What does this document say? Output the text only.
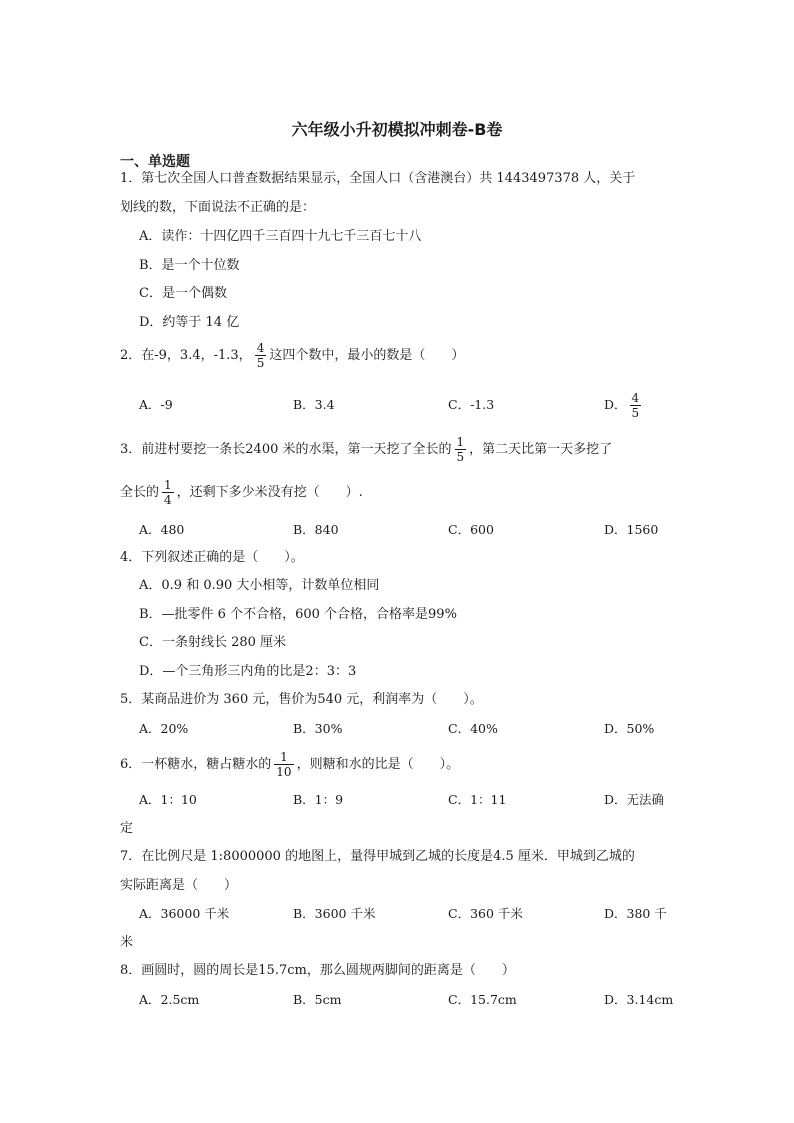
六年级小升初模拟冲刺卷-B卷
一、单选题
1．第七次全国人口普查数据结果显示，全国人口（含港澳台）共 1443497378 人，关于
划线的数，下面说法不正确的是：
A．读作：十四亿四千三百四十九七千三百七十八
B．是一个十位数
C．是一个偶数
D．约等于 14 亿
2．在-9，3.4，-1.3， $\frac{4}{5}$ 这四个数中，最小的数是（　　）
A．-9	B．3.4	C．-1.3	D． $\frac{4}{5}$
3．前进村要挖一条长2400 米的水渠，第一天挖了全长的 $\frac{1}{5}$ ，第二天比第一天多挖了
全长的 $\frac{1}{4}$ ，还剩下多少米没有挖（　　）.
A．480	B．840	C．600	D．1560
4．下列叙述正确的是（　　）。
A．0.9 和 0.90 大小相等，计数单位相同
B．—批零件 6 个不合格，600 个合格，合格率是99%
C．一条射线长 280 厘米
D．—个三角形三内角的比是2：3：3
5．某商品进价为 360 元，售价为540 元，利润率为（　　）。
A．20%	B．30%	C．40%	D．50%
6．一杯糖水，糖占糖水的 $\frac{1}{10}$ ，则糖和水的比是（　　）。
A．1：10	B．1：9	C．1：11	D．无法确
定
7．在比例尺是 1:8000000 的地图上，量得甲城到乙城的长度是4.5 厘米．甲城到乙城的
实际距离是（　　）
A．36000 千米	B．3600 千米	C．360 千米	D．380 千
米
8．画圆时，圆的周长是15.7cm，那么圆规两脚间的距离是（　　）
A．2.5cm	B．5cm	C．15.7cm	D．3.14cm
